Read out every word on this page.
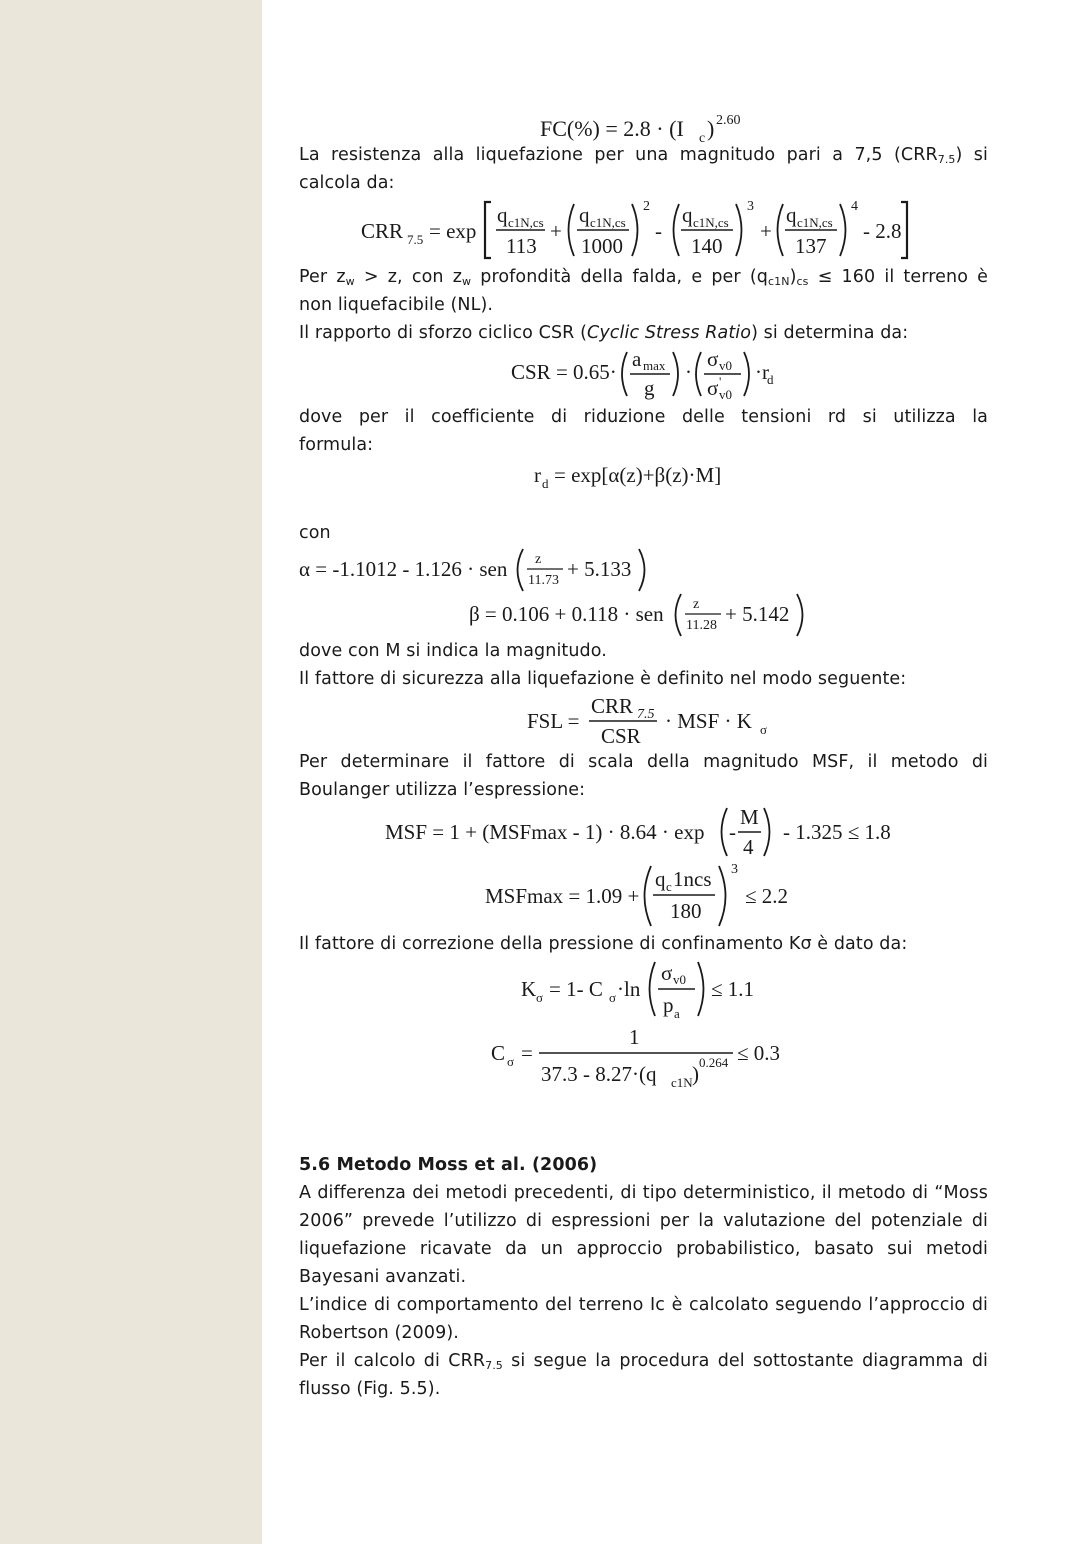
FC(%) = 2.8 · (I c ) 2.60
La resistenza alla liquefazione per una magnitudo pari a 7,5 $(CRR_{7.5})$ si
calcola da:
CRR 7.5 = exp
q c1N,cs
113
+
q c1N,cs
1000
2
-
q c1N,cs
140
3
+
q c1N,cs
137
4
- 2.8
Per $z_w > z$, con $z_w$ profondità della falda, e per $(q_{c1N})_{cs} \le 160$ il terreno è
non liquefacibile (NL).
Il rapporto di sforzo ciclico CSR (Cyclic Stress Ratio) si determina da:
CSR = 0.65·
a max
g
·
σ v0
σ '
v0
·r
d
dove per il coefficiente di riduzione delle tensioni rd si utilizza la
formula:
r d = exp[α(z)+β(z)·M]
con
α = -1.1012 - 1.126 · sen z
11.73 + 5.133
β = 0.106 + 0.118 · sen z
11.28 + 5.142
dove con M si indica la magnitudo.
Il fattore di sicurezza alla liquefazione è definito nel modo seguente:
FSL =
CRR 7.5
CSR
· MSF · K σ
Per determinare il fattore di scala della magnitudo MSF, il metodo di
Boulanger utilizza l’espressione:
MSF = 1 + (MSFmax - 1) · 8.64 · exp -
M
4
- 1.325 ≤ 1.8
MSFmax = 1.09 +
q c 1ncs
180
3
≤ 2.2
Il fattore di correzione della pressione di confinamento Kσ è dato da:
K σ = 1- C σ ·ln
σ v0
p a
≤ 1.1
C σ =
1
37.3 - 8.27·(q c1N ) 0.264 ≤ 0.3
5.6 Metodo Moss et al. (2006)
A differenza dei metodi precedenti, di tipo deterministico, il metodo di “Moss 2006” prevede l’utilizzo di espressioni per la valutazione del potenziale di liquefazione ricavate da un approccio probabilistico, basato sui metodi Bayesani avanzati.
L’indice di comportamento del terreno Ic è calcolato seguendo l’approccio di Robertson (2009).
Per il calcolo di $CRR_{7.5}$ si segue la procedura del sottostante diagramma di flusso (Fig. 5.5).
